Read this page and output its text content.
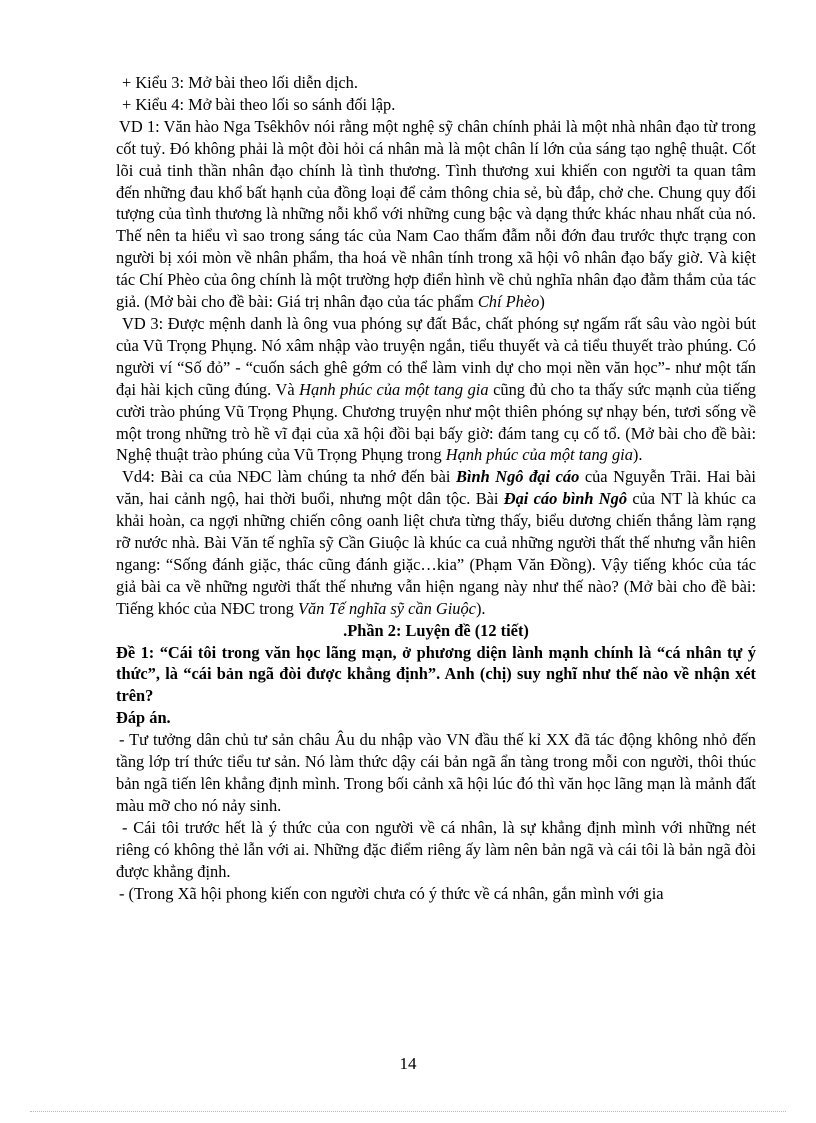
+ Kiểu 3: Mở bài theo lối diễn dịch.

+ Kiểu 4: Mở bài theo lối so sánh đối lập.

VD 1: Văn hào Nga Tsêkhôv nói rằng một nghệ sỹ chân chính phải là một nhà nhân đạo từ trong cốt tuỷ. Đó không phải là một đòi hỏi cá nhân mà là một chân lí lớn của sáng tạo nghệ thuật. Cốt lõi cuả tinh thần nhân đạo chính là tình thương. Tình thương xui khiến con người ta quan tâm đến những đau khổ bất hạnh của đồng loại để cảm thông chia sẻ, bù đắp, chở che. Chung quy đối tượng của tình thương là những nỗi khổ với những cung bậc và dạng thức khác nhau nhất của nó. Thế nên ta hiểu vì sao trong sáng tác của Nam Cao thấm đẫm nỗi đớn đau trước thực trạng con người bị xói mòn về nhân phẩm, tha hoá về nhân tính trong xã hội vô nhân đạo bấy giờ. Và kiệt tác Chí Phèo của ông chính là một trường hợp điển hình về chủ nghĩa nhân đạo đằm thắm của tác giả. (Mở bài cho đề bài: Giá trị nhân đạo của tác phẩm Chí Phèo)

VD 3: Được mệnh danh là ông vua phóng sự đất Bắc, chất phóng sự ngấm rất sâu vào ngòi bút của Vũ Trọng Phụng. Nó xâm nhập vào truyện ngắn, tiểu thuyết và cả tiểu thuyết trào phúng. Có người ví “Số đỏ” - “cuốn sách ghê gớm có thể làm vinh dự cho mọi nền văn học”- như một tấn đại hài kịch cũng đúng. Và Hạnh phúc của một tang gia cũng đủ cho ta thấy sức mạnh của tiếng cười trào phúng Vũ Trọng Phụng. Chương truyện như một thiên phóng sự nhạy bén, tươi sống về một trong những trò hề vĩ đại của xã hội đồi bại bấy giờ: đám tang cụ cố tổ. (Mở bài cho đề bài: Nghệ thuật trào phúng của Vũ Trọng Phụng trong Hạnh phúc của một tang gia).

Vd4: Bài ca của NĐC làm chúng ta nhớ đến bài Bình Ngô đại cáo của Nguyễn Trãi. Hai bài văn, hai cảnh ngộ, hai thời buổi, nhưng một dân tộc. Bài Đại cáo bình Ngô của NT là khúc ca khải hoàn, ca ngợi những chiến công oanh liệt chưa từng thấy, biểu dương chiến thắng làm rạng rỡ nước nhà. Bài Văn tế nghĩa sỹ Cần Giuộc là khúc ca cuả những người thất thế nhưng vẫn hiên ngang: “Sống đánh giặc, thác cũng đánh giặc…kia” (Phạm Văn Đồng). Vậy tiếng khóc của tác giả bài ca về những người thất thế nhưng vẫn hiện ngang này như thế nào? (Mở bài cho đề bài: Tiếng khóc của NĐC trong Văn Tế nghĩa sỹ cần Giuộc).

.Phần 2: Luyện đề (12 tiết)

Đề 1: “Cái tôi trong văn học lãng mạn, ở phương diện lành mạnh chính là “cá nhân tự ý thức”, là “cái bản ngã đòi được khẳng định”. Anh (chị) suy nghĩ như thế nào về nhận xét trên?

Đáp án.

- Tư tưởng dân chủ tư sản châu Âu du nhập vào VN đầu thế kỉ XX đã tác động không nhỏ đến tầng lớp trí thức tiểu tư sản. Nó làm thức dậy cái bản ngã ẩn tàng trong mỗi con người, thôi thúc bản ngã tiến lên khẳng định mình. Trong bối cảnh xã hội lúc đó thì văn học lãng mạn là mảnh đất màu mỡ cho nó nảy sinh.

- Cái tôi trước hết là ý thức của con người về cá nhân, là sự khẳng định mình với những nét riêng có không thẻ lẫn với ai. Những đặc điểm riêng ấy làm nên bản ngã và cái tôi là bản ngã đòi được khẳng định.

- (Trong Xã hội phong kiến con người chưa có ý thức về cá nhân, gắn mình với gia

14
